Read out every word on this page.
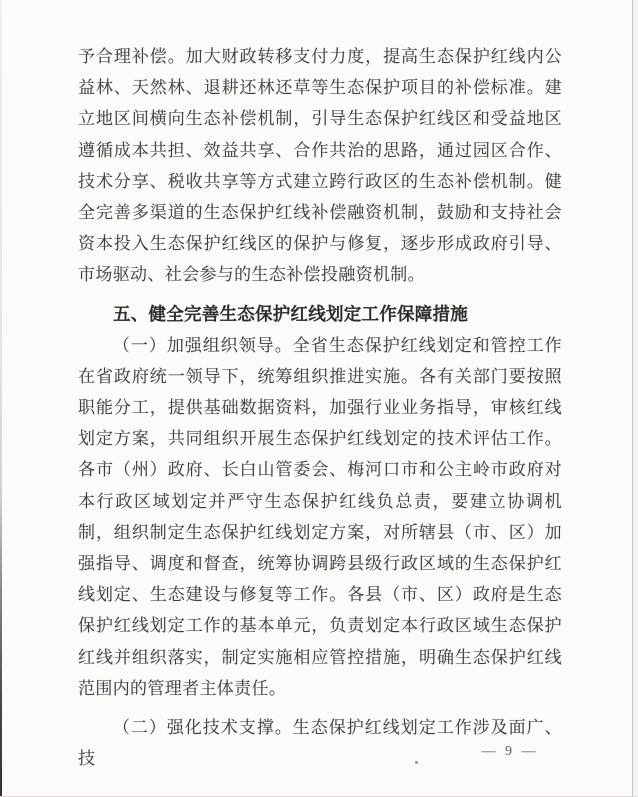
予合理补偿。加大财政转移支付力度，提高生态保护红线内公益林、天然林、退耕还林还草等生态保护项目的补偿标准。建立地区间横向生态补偿机制，引导生态保护红线区和受益地区遵循成本共担、效益共享、合作共治的思路，通过园区合作、技术分享、税收共享等方式建立跨行政区的生态补偿机制。健全完善多渠道的生态保护红线补偿融资机制，鼓励和支持社会资本投入生态保护红线区的保护与修复，逐步形成政府引导、市场驱动、社会参与的生态补偿投融资机制。

五、健全完善生态保护红线划定工作保障措施

（一）加强组织领导。全省生态保护红线划定和管控工作在省政府统一领导下，统筹组织推进实施。各有关部门要按照职能分工，提供基础数据资料，加强行业业务指导，审核红线划定方案，共同组织开展生态保护红线划定的技术评估工作。各市（州）政府、长白山管委会、梅河口市和公主岭市政府对本行政区域划定并严守生态保护红线负总责，要建立协调机制，组织制定生态保护红线划定方案，对所辖县（市、区）加强指导、调度和督查，统筹协调跨县级行政区域的生态保护红线划定、生态建设与修复等工作。各县（市、区）政府是生态保护红线划定工作的基本单元，负责划定本行政区域生态保护红线并组织落实，制定实施相应管控措施，明确生态保护红线范围内的管理者主体责任。

（二）强化技术支撑。生态保护红线划定工作涉及面广、技	— 9 —
